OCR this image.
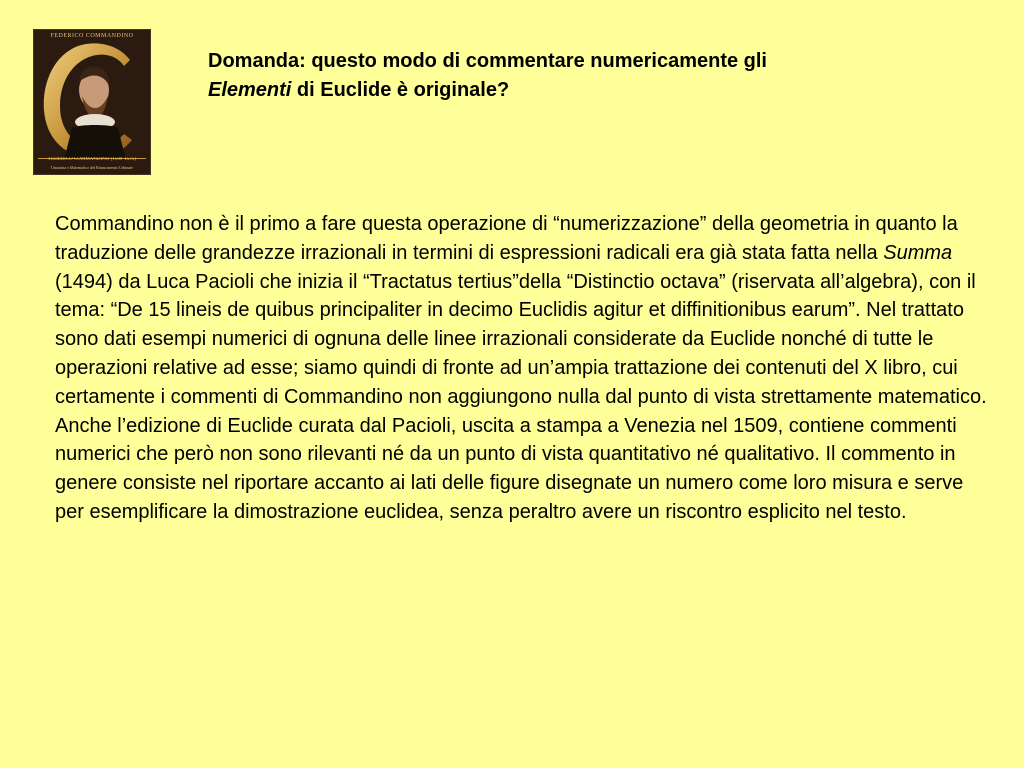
FEDERICO COMMANDINO
FEDERICO COMMANDINO (1509-1575)
Umanista e Matematico del Rinascimento Urbinate
Domanda: questo modo di commentare numericamente gli
Elementi di Euclide è originale?

Commandino non è il primo a fare questa operazione di “numerizzazione” della geometria in quanto la traduzione delle grandezze irrazionali in termini di espressioni radicali era già stata fatta nella Summa (1494) da Luca Pacioli che inizia il “Tractatus tertius”della “Distinctio octava” (riservata all’algebra), con il tema: “De 15 lineis de quibus principaliter in decimo Euclidis agitur et diffinitionibus earum”. Nel trattato sono dati esempi numerici di ognuna delle linee irrazionali considerate da Euclide nonché di tutte le operazioni relative ad esse; siamo quindi di fronte ad un’ampia trattazione dei contenuti del X libro, cui certamente i commenti di Commandino non aggiungono nulla dal punto di vista strettamente matematico.

Anche l’edizione di Euclide curata dal Pacioli, uscita a stampa a Venezia nel 1509, contiene commenti numerici che però non sono rilevanti né da un punto di vista quantitativo né qualitativo. Il commento in genere consiste nel riportare accanto ai lati delle figure disegnate un numero come loro misura e serve per esemplificare la dimostrazione euclidea, senza peraltro avere un riscontro esplicito nel testo.
